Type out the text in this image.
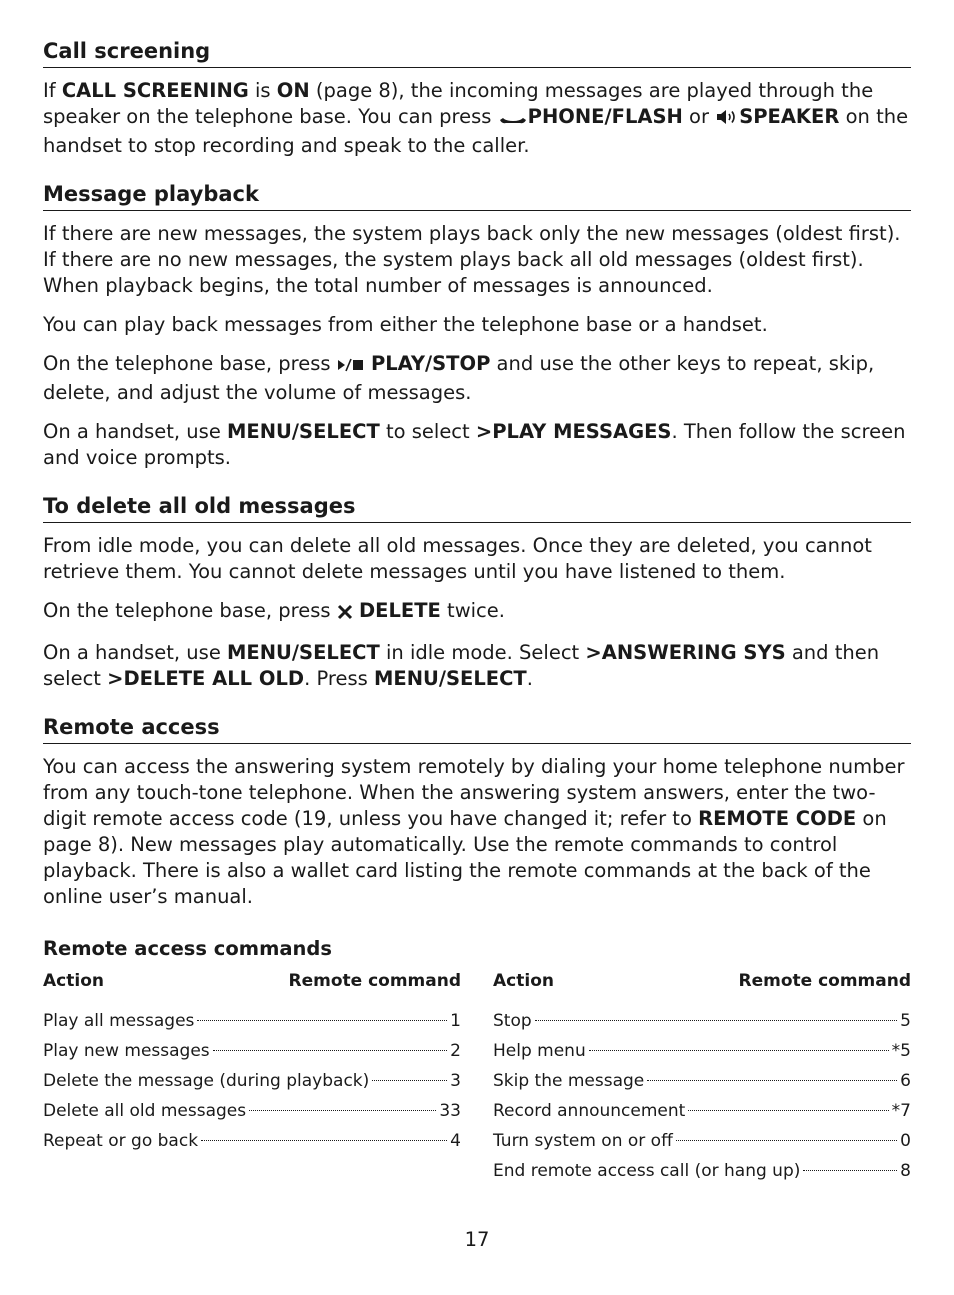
Call screening

If CALL SCREENING is ON (page 8), the incoming messages are played through the speaker on the telephone base. You can press PHONE/FLASH or SPEAKER on the handset to stop recording and speak to the caller.

Message playback

If there are new messages, the system plays back only the new messages (oldest first). If there are no new messages, the system plays back all old messages (oldest first). When playback begins, the total number of messages is announced.

You can play back messages from either the telephone base or a handset.

On the telephone base, press  PLAY/STOP and use the other keys to repeat, skip, delete, and adjust the volume of messages.

On a handset, use MENU/SELECT to select >PLAY MESSAGES. Then follow the screen and voice prompts.

To delete all old messages

From idle mode, you can delete all old messages. Once they are deleted, you cannot retrieve them. You cannot delete messages until you have listened to them.

On the telephone base, press  DELETE twice.

On a handset, use MENU/SELECT in idle mode. Select >ANSWERING SYS and then select >DELETE ALL OLD. Press MENU/SELECT.

Remote access

You can access the answering system remotely by dialing your home telephone number from any touch-tone telephone. When the answering system answers, enter the two-digit remote access code (19, unless you have changed it; refer to REMOTE CODE on page 8). New messages play automatically. Use the remote commands to control playback. There is also a wallet card listing the remote commands at the back of the online user’s manual.

Remote access commands
Action	Remote command
Play all messages	1
Play new messages	2
Delete the message (during playback)	3
Delete all old messages	33
Repeat or go back	4
Action	Remote command
Stop	5
Help menu	*5
Skip the message	6
Record announcement	*7
Turn system on or off	0
End remote access call (or hang up)	8
17
